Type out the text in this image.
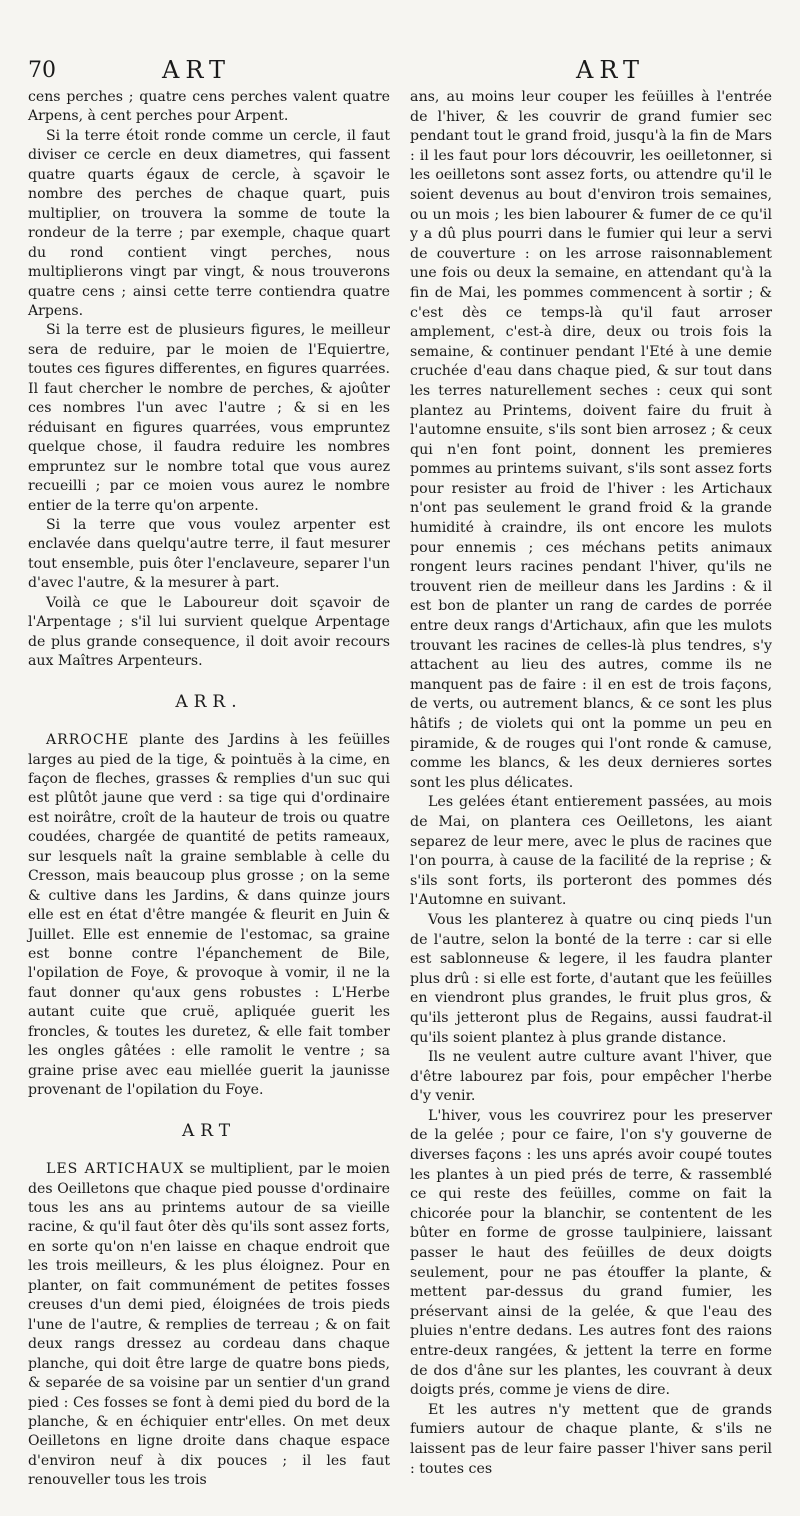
70	ART	ART

cens perches ; quatre cens perches valent quatre Arpens, à cent perches pour Arpent.

Si la terre étoit ronde comme un cercle, il faut diviser ce cercle en deux diametres, qui fassent quatre quarts égaux de cercle, à sçavoir le nombre des perches de chaque quart, puis multiplier, on trouvera la somme de toute la rondeur de la terre ; par exemple, chaque quart du rond contient vingt perches, nous multiplierons vingt par vingt, & nous trouverons quatre cens ; ainsi cette terre contiendra quatre Arpens.

Si la terre est de plusieurs figures, le meilleur sera de reduire, par le moien de l'Equiertre, toutes ces figures differentes, en figures quarrées. Il faut chercher le nombre de perches, & ajoûter ces nombres l'un avec l'autre ; & si en les réduisant en figures quarrées, vous empruntez quelque chose, il faudra reduire les nombres empruntez sur le nombre total que vous aurez recueilli ; par ce moien vous aurez le nombre entier de la terre qu'on arpente.

Si la terre que vous voulez arpenter est enclavée dans quelqu'autre terre, il faut mesurer tout ensemble, puis ôter l'enclaveure, separer l'un d'avec l'autre, & la mesurer à part.

Voilà ce que le Laboureur doit sçavoir de l'Arpentage ; s'il lui survient quelque Arpentage de plus grande consequence, il doit avoir recours aux Maîtres Arpenteurs.

ARR.

ARROCHE plante des Jardins à les feüilles larges au pied de la tige, & pointuës à la cime, en façon de fleches, grasses & remplies d'un suc qui est plûtôt jaune que verd : sa tige qui d'ordinaire est noirâtre, croît de la hauteur de trois ou quatre coudées, chargée de quantité de petits rameaux, sur lesquels naît la graine semblable à celle du Cresson, mais beaucoup plus grosse ; on la seme & cultive dans les Jardins, & dans quinze jours elle est en état d'être mangée & fleurit en Juin & Juillet. Elle est ennemie de l'estomac, sa graine est bonne contre l'épanchement de Bile, l'opilation de Foye, & provoque à vomir, il ne la faut donner qu'aux gens robustes : L'Herbe autant cuite que cruë, apliquée guerit les froncles, & toutes les duretez, & elle fait tomber les ongles gâtées : elle ramolit le ventre ; sa graine prise avec eau miellée guerit la jaunisse provenant de l'opilation du Foye.

ART

LES ARTICHAUX se multiplient, par le moien des Oeilletons que chaque pied pousse d'ordinaire tous les ans au printems autour de sa vieille racine, & qu'il faut ôter dès qu'ils sont assez forts, en sorte qu'on n'en laisse en chaque endroit que les trois meilleurs, & les plus éloignez. Pour en planter, on fait communément de petites fosses creuses d'un demi pied, éloignées de trois pieds l'une de l'autre, & remplies de terreau ; & on fait deux rangs dressez au cordeau dans chaque planche, qui doit être large de quatre bons pieds, & separée de sa voisine par un sentier d'un grand pied : Ces fosses se font à demi pied du bord de la planche, & en échiquier entr'elles. On met deux Oeilletons en ligne droite dans chaque espace d'environ neuf à dix pouces ; il les faut renouveller tous les trois

ans, au moins leur couper les feüilles à l'entrée de l'hiver, & les couvrir de grand fumier sec pendant tout le grand froid, jusqu'à la fin de Mars : il les faut pour lors découvrir, les oeilletonner, si les oeilletons sont assez forts, ou attendre qu'il le soient devenus au bout d'environ trois semaines, ou un mois ; les bien labourer & fumer de ce qu'il y a dû plus pourri dans le fumier qui leur a servi de couverture : on les arrose raisonnablement une fois ou deux la semaine, en attendant qu'à la fin de Mai, les pommes commencent à sortir ; & c'est dès ce temps-là qu'il faut arroser amplement, c'est-à dire, deux ou trois fois la semaine, & continuer pendant l'Eté à une demie cruchée d'eau dans chaque pied, & sur tout dans les terres naturellement seches : ceux qui sont plantez au Printems, doivent faire du fruit à l'automne ensuite, s'ils sont bien arrosez ; & ceux qui n'en font point, donnent les premieres pommes au printems suivant, s'ils sont assez forts pour resister au froid de l'hiver : les Artichaux n'ont pas seulement le grand froid & la grande humidité à craindre, ils ont encore les mulots pour ennemis ; ces méchans petits animaux rongent leurs racines pendant l'hiver, qu'ils ne trouvent rien de meilleur dans les Jardins : & il est bon de planter un rang de cardes de porrée entre deux rangs d'Artichaux, afin que les mulots trouvant les racines de celles-là plus tendres, s'y attachent au lieu des autres, comme ils ne manquent pas de faire : il en est de trois façons, de verts, ou autrement blancs, & ce sont les plus hâtifs ; de violets qui ont la pomme un peu en piramide, & de rouges qui l'ont ronde & camuse, comme les blancs, & les deux dernieres sortes sont les plus délicates.

Les gelées étant entierement passées, au mois de Mai, on plantera ces Oeilletons, les aiant separez de leur mere, avec le plus de racines que l'on pourra, à cause de la facilité de la reprise ; & s'ils sont forts, ils porteront des pommes dés l'Automne en suivant.

Vous les planterez à quatre ou cinq pieds l'un de l'autre, selon la bonté de la terre : car si elle est sablonneuse & legere, il les faudra planter plus drû : si elle est forte, d'autant que les feüilles en viendront plus grandes, le fruit plus gros, & qu'ils jetteront plus de Regains, aussi faudrat-il qu'ils soient plantez à plus grande distance.

Ils ne veulent autre culture avant l'hiver, que d'être labourez par fois, pour empêcher l'herbe d'y venir.

L'hiver, vous les couvrirez pour les preserver de la gelée ; pour ce faire, l'on s'y gouverne de diverses façons : les uns aprés avoir coupé toutes les plantes à un pied prés de terre, & rassemblé ce qui reste des feüilles, comme on fait la chicorée pour la blanchir, se contentent de les bûter en forme de grosse taulpiniere, laissant passer le haut des feüilles de deux doigts seulement, pour ne pas étouffer la plante, & mettent par-dessus du grand fumier, les préservant ainsi de la gelée, & que l'eau des pluies n'entre dedans. Les autres font des raions entre-deux rangées, & jettent la terre en forme de dos d'âne sur les plantes, les couvrant à deux doigts prés, comme je viens de dire.

Et les autres n'y mettent que de grands fumiers autour de chaque plante, & s'ils ne laissent pas de leur faire passer l'hiver sans peril : toutes ces
